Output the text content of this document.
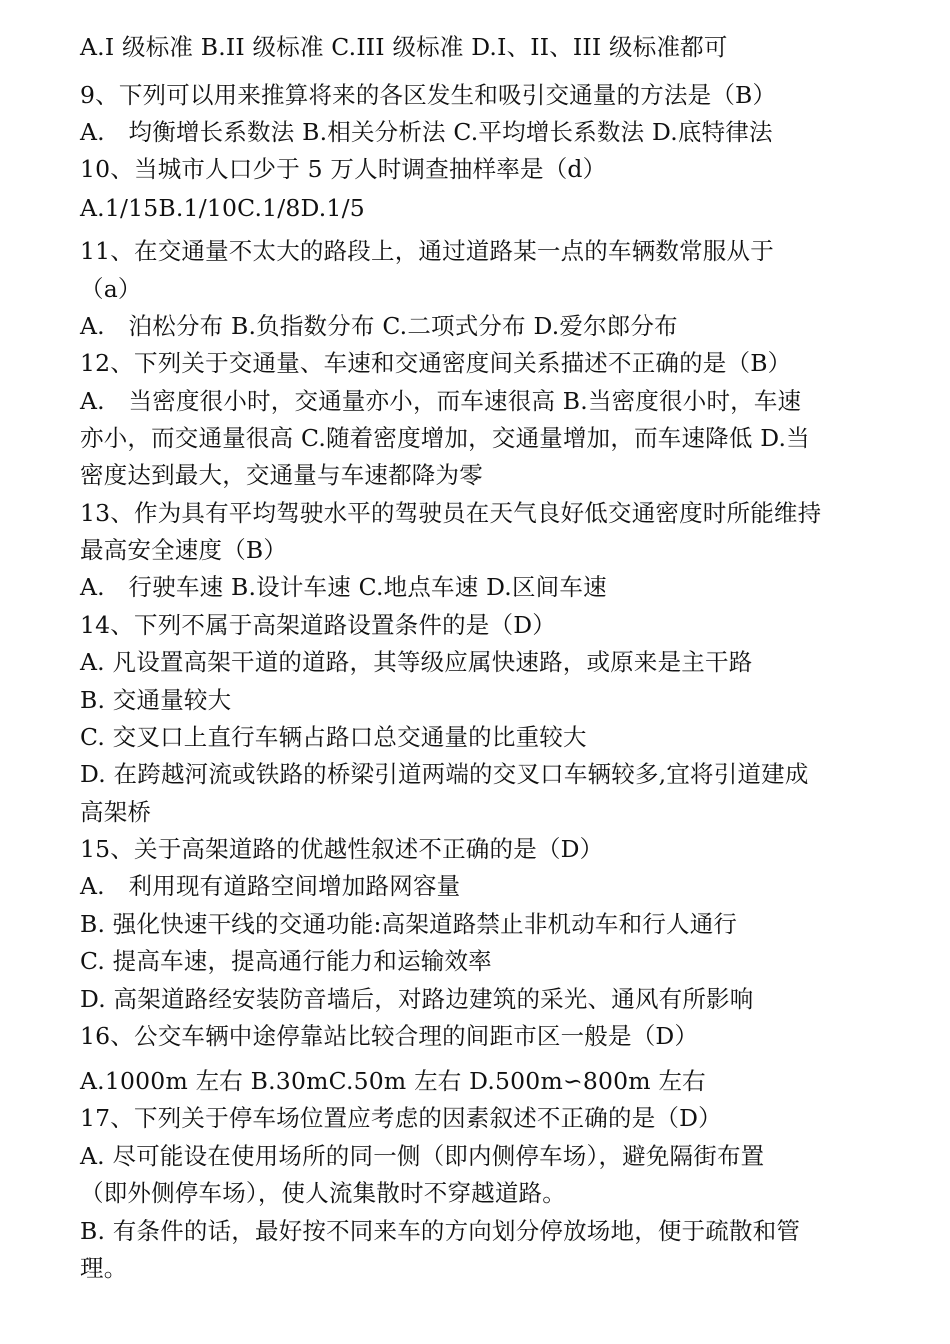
A.I 级标准 B.II 级标准 C.III 级标准 D.I、II、III 级标准都可
9、下列可以用来推算将来的各区发生和吸引交通量的方法是（B）
A.　均衡增长系数法 B.相关分析法 C.平均增长系数法 D.底特律法
10、当城市人口少于 5 万人时调查抽样率是（d）
A.1/15B.1/10C.1/8D.1/5
11、在交通量不太大的路段上，通过道路某一点的车辆数常服从于
（a）
A.　泊松分布 B.负指数分布 C.二项式分布 D.爱尔郎分布
12、下列关于交通量、车速和交通密度间关系描述不正确的是（B）
A.　当密度很小时，交通量亦小，而车速很高 B.当密度很小时，车速
亦小，而交通量很高 C.随着密度增加，交通量增加，而车速降低 D.当
密度达到最大，交通量与车速都降为零
13、作为具有平均驾驶水平的驾驶员在天气良好低交通密度时所能维持
最高安全速度（B）
A.　行驶车速 B.设计车速 C.地点车速 D.区间车速
14、下列不属于高架道路设置条件的是（D）
A. 凡设置高架干道的道路，其等级应属快速路，或原来是主干路
B. 交通量较大
C. 交叉口上直行车辆占路口总交通量的比重较大
D. 在跨越河流或铁路的桥梁引道两端的交叉口车辆较多,宜将引道建成
高架桥
15、关于高架道路的优越性叙述不正确的是（D）
A.　利用现有道路空间增加路网容量
B. 强化快速干线的交通功能:高架道路禁止非机动车和行人通行
C. 提高车速，提高通行能力和运输效率
D. 高架道路经安装防音墙后，对路边建筑的采光、通风有所影响
16、公交车辆中途停靠站比较合理的间距市区一般是（D）
A.1000m 左右 B.30mC.50m 左右 D.500m∽800m 左右
17、下列关于停车场位置应考虑的因素叙述不正确的是（D）
A. 尽可能设在使用场所的同一侧（即内侧停车场），避免隔街布置
（即外侧停车场），使人流集散时不穿越道路。
B. 有条件的话，最好按不同来车的方向划分停放场地，便于疏散和管
理。
